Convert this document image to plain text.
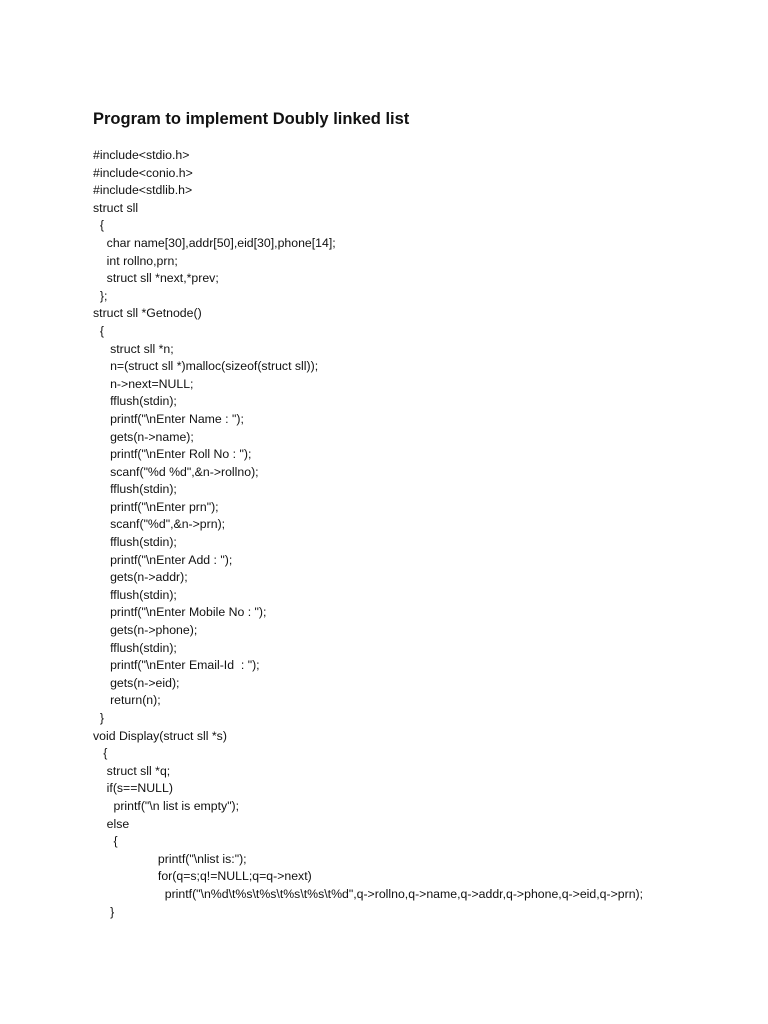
Program to implement Doubly linked list
#include<stdio.h>
#include<conio.h>
#include<stdlib.h>
struct sll
{
char name[30],addr[50],eid[30],phone[14];
int rollno,prn;
struct sll *next,*prev;
};
struct sll *Getnode()
{
struct sll *n;
n=(struct sll *)malloc(sizeof(struct sll));
n->next=NULL;
fflush(stdin);
printf("\nEnter Name : ");
gets(n->name);
printf("\nEnter Roll No : ");
scanf("%d %d",&n->rollno);
fflush(stdin);
printf("\nEnter prn");
scanf("%d",&n->prn);
fflush(stdin);
printf("\nEnter Add : ");
gets(n->addr);
fflush(stdin);
printf("\nEnter Mobile No : ");
gets(n->phone);
fflush(stdin);
printf("\nEnter Email-Id  : ");
gets(n->eid);
return(n);
}
void Display(struct sll *s)
{
struct sll *q;
if(s==NULL)
printf("\n list is empty");
else
{
printf("\nlist is:");
for(q=s;q!=NULL;q=q->next)
printf("\n%d\t%s\t%s\t%s\t%s\t%d",q->rollno,q->name,q->addr,q->phone,q->eid,q->prn);
}
